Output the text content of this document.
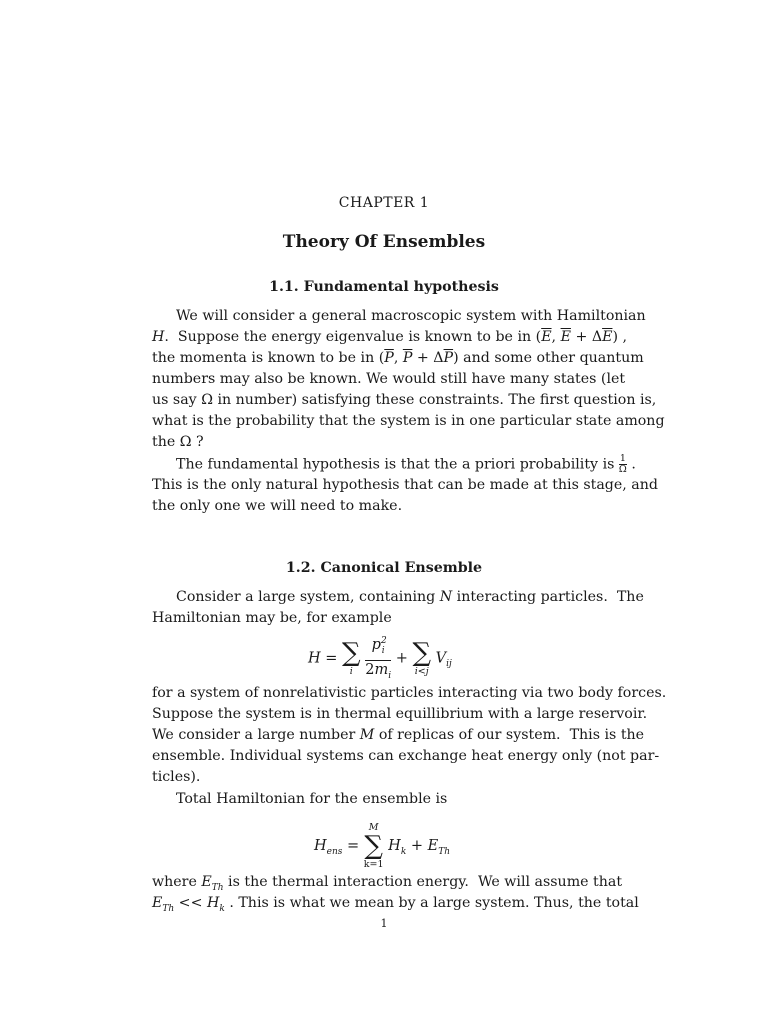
CHAPTER 1
Theory Of Ensembles
1.1. Fundamental hypothesis
We will consider a general macroscopic system with Hamiltonian
H.  Suppose the energy eigenvalue is known to be in ($\overline{E}$, $\overline{E} + \Delta\overline{E}$) ,
the momenta is known to be in ($\overline{P}$, $\overline{P} + \Delta\overline{P}$) and some other quantum
numbers may also be known. We would still have many states (let
us say Ω in number) satisfying these constraints. The first question is,
what is the probability that the system is in one particular state among
the Ω ?
The fundamental hypothesis is that the a priori probability is $\frac{1}{\Omega}$ .
This is the only natural hypothesis that can be made at this stage, and
the only one we will need to make.
1.2. Canonical Ensemble
Consider a large system, containing N interacting particles.  The
Hamiltonian may be, for example
H = ∑
i
$\frac{p^2_i}{2m_i}$ + ∑
i<j
$V_{ij}$
for a system of nonrelativistic particles interacting via two body forces.
Suppose the system is in thermal equillibrium with a large reservoir.
We consider a large number M of replicas of our system.  This is the
ensemble. Individual systems can exchange heat energy only (not par-
ticles).
Total Hamiltonian for the ensemble is
$H_{ens}$ =
M
∑
k=1
$H_k + E_{Th}$
where $E_{Th}$ is the thermal interaction energy.  We will assume that
$E_{Th} << H_k$ . This is what we mean by a large system. Thus, the total
1
